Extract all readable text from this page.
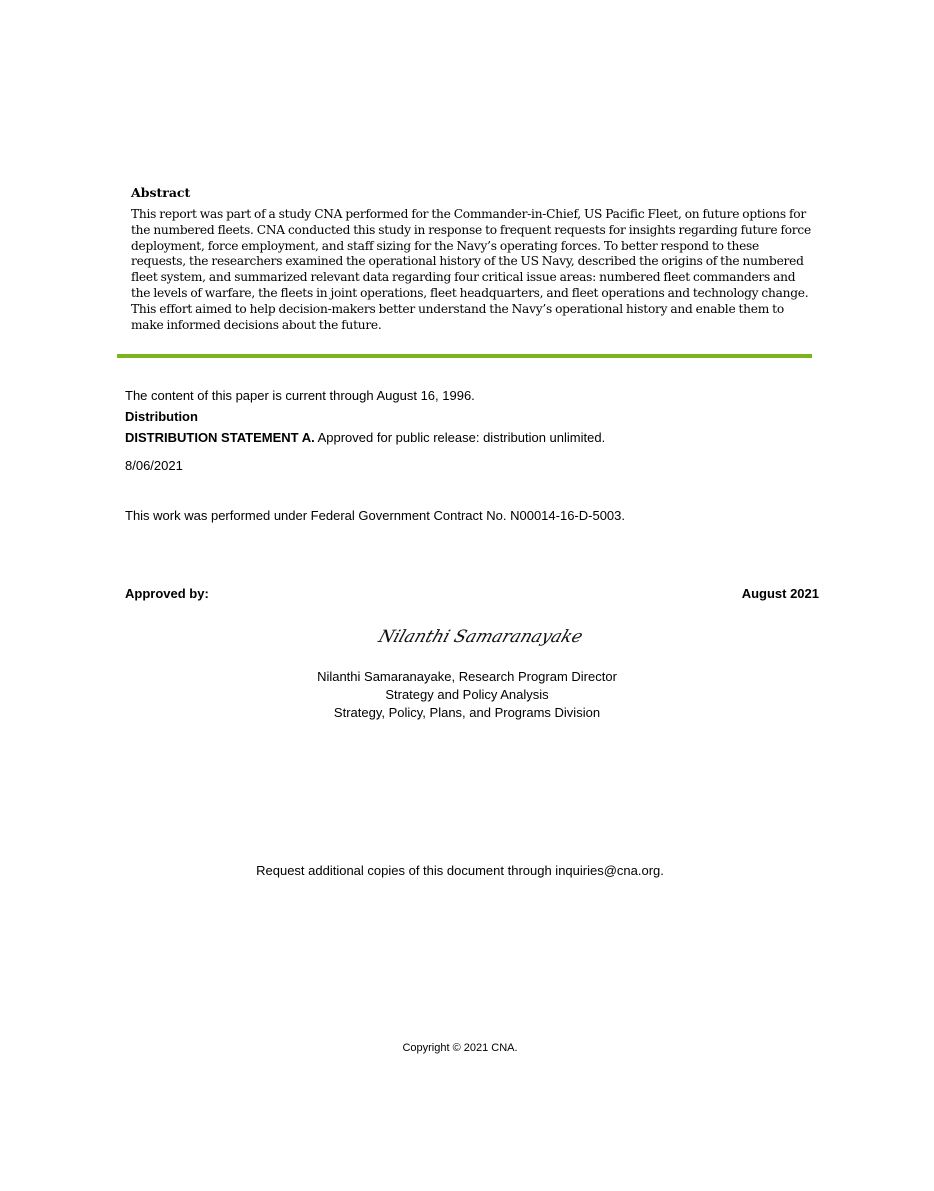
Abstract

This report was part of a study CNA performed for the Commander-in-Chief, US Pacific Fleet, on future options for the numbered fleets. CNA conducted this study in response to frequent requests for insights regarding future force deployment, force employment, and staff sizing for the Navy’s operating forces. To better respond to these requests, the researchers examined the operational history of the US Navy, described the origins of the numbered fleet system, and summarized relevant data regarding four critical issue areas: numbered fleet commanders and the levels of warfare, the fleets in joint operations, fleet headquarters, and fleet operations and technology change. This effort aimed to help decision-makers better understand the Navy’s operational history and enable them to make informed decisions about the future.

The content of this paper is current through August 16, 1996.
Distribution
DISTRIBUTION STATEMENT A. Approved for public release: distribution unlimited.
8/06/2021
This work was performed under Federal Government Contract No. N00014-16-D-5003.
Approved by:	August 2021
Nilanthi Samaranayake
Nilanthi Samaranayake, Research Program Director
Strategy and Policy Analysis
Strategy, Policy, Plans, and Programs Division
Request additional copies of this document through inquiries@cna.org.
Copyright © 2021 CNA.
